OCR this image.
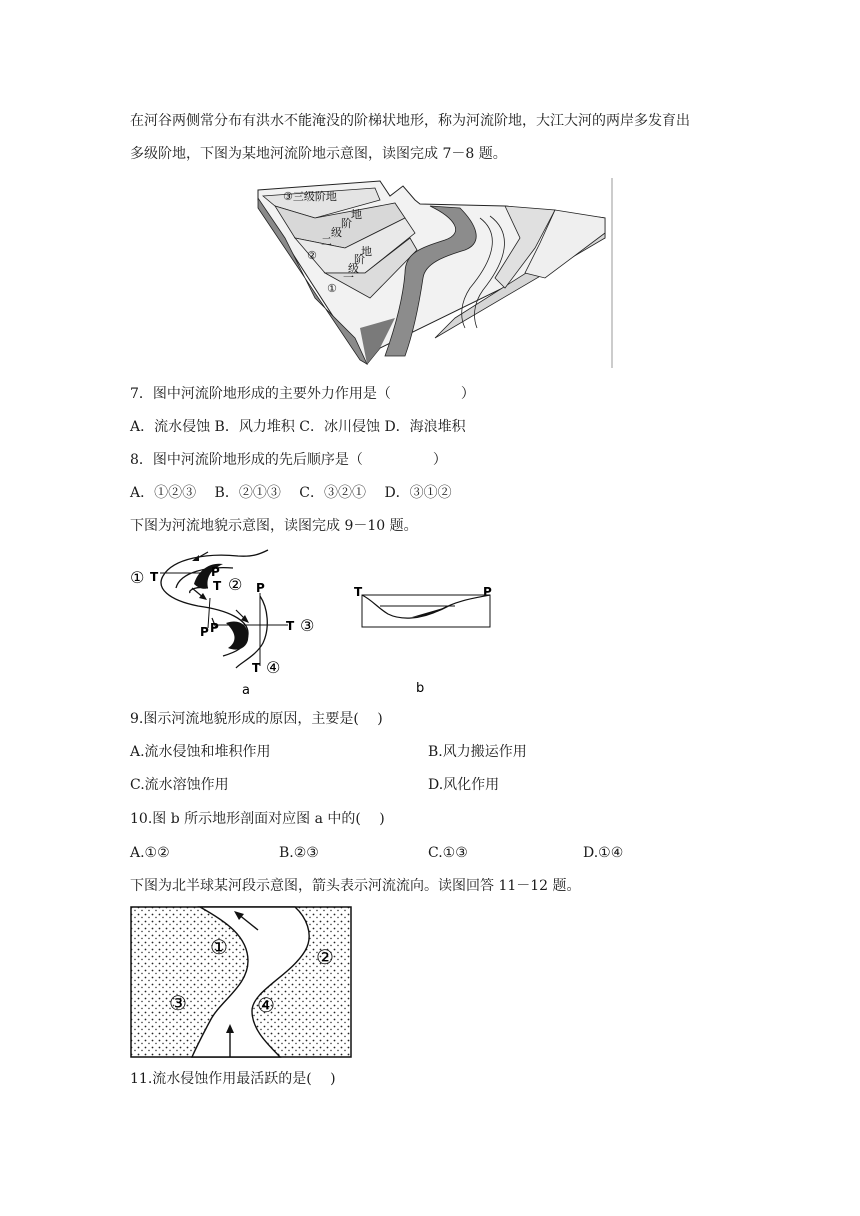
在河谷两侧常分布有洪水不能淹没的阶梯状地形，称为河流阶地，大江大河的两岸多发育出
多级阶地，下图为某地河流阶地示意图，读图完成 7－8 题。
③三级阶地
②
二
级
阶
地
①
一
级
阶
地
7．图中河流阶地形成的主要外力作用是（　　　　　）
A．流水侵蚀 B．风力堆积 C．冰川侵蚀 D．海浪堆积
8．图中河流阶地形成的先后顺序是（　　　　　）
A．①②③　 B．②①③　 C．③②①　 D．③①②
下图为河流地貌示意图，读图完成 9－10 题。
① T	P
T ② P
P
P	T ③
T ④
a
T	P
b
9.图示河流地貌形成的原因，主要是(　 )
A.流水侵蚀和堆积作用	B.风力搬运作用
C.流水溶蚀作用	D.风化作用
10.图 b 所示地形剖面对应图 a 中的(　 )
A.①②	B.②③	C.①③	D.①④
下图为北半球某河段示意图，箭头表示河流流向。读图回答 11－12 题。
①	②
③	④
11.流水侵蚀作用最活跃的是(　 )
